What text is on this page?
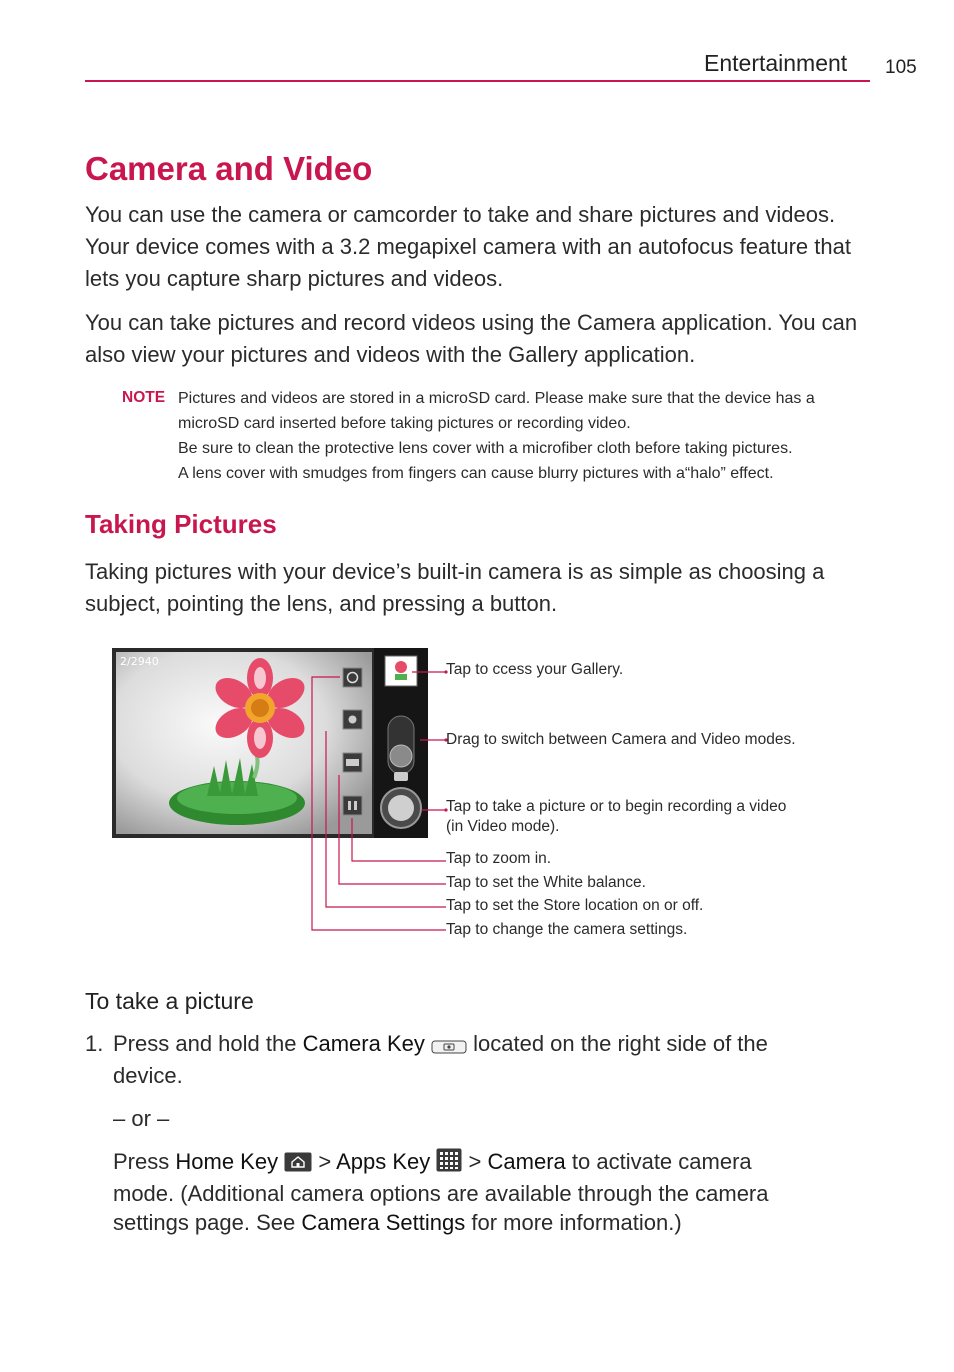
Entertainment 105
Camera and Video
You can use the camera or camcorder to take and share pictures and videos. Your device comes with a 3.2 megapixel camera with an autofocus feature that lets you capture sharp pictures and videos.
You can take pictures and record videos using the Camera application. You can also view your pictures and videos with the Gallery application.
NOTE Pictures and videos are stored in a microSD card. Please make sure that the device has a
microSD card inserted before taking pictures or recording video.
Be sure to clean the protective lens cover with a microfiber cloth before taking pictures.
A lens cover with smudges from fingers can cause blurry pictures with a“halo” effect.
Taking Pictures
Taking pictures with your device’s built-in camera is as simple as choosing a subject, pointing the lens, and pressing a button.
2/2940	Tap to ccess your Gallery.
Drag to switch between Camera and Video modes.
Tap to take a picture or to begin recording a video
(in Video mode).
Tap to zoom in.
Tap to set the White balance.
Tap to set the Store location on or off.
Tap to change the camera settings.
To take a picture
1. Press and hold the Camera Key located on the right side of the
device.
– or –
Press Home Key > Apps Key > Camera to activate camera
mode. (Additional camera options are available through the camera
settings page. See Camera Settings for more information.)
